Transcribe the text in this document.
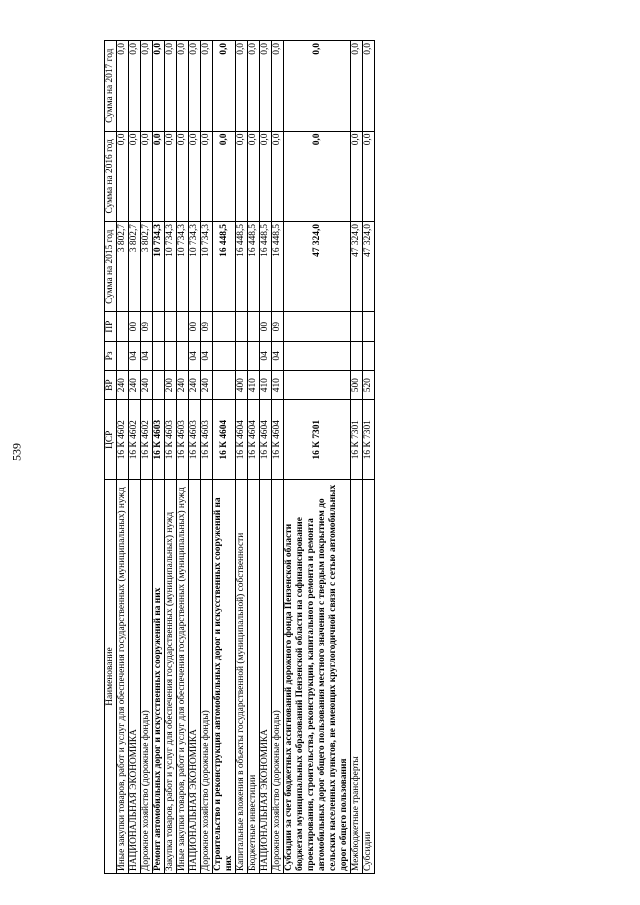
539
Наименование	ЦСР	ВР	Рз	ПР	Сумма на 2015 год	Сумма на 2016 год	Сумма на 2017 год
Иные закупки товаров, работ и услуг для обеспечения государственных (муниципальных) нужд	16 К 4602	240			3 802,7	0,0	0,0
НАЦИОНАЛЬНАЯ ЭКОНОМИКА	16 К 4602	240	04	00	3 802,7	0,0	0,0
Дорожное хозяйство (дорожные фонды)	16 К 4602	240	04	09	3 802,7	0,0	0,0
Ремонт автомобильных дорог и искусственных сооружений на них	16 К 4603				10 734,3	0,0	0,0
Закупка товаров, работ и услуг для обеспечения государственных (муниципальных) нужд	16 К 4603	200			10 734,3	0,0	0,0
Иные закупки товаров, работ и услуг для обеспечения государственных (муниципальных) нужд	16 К 4603	240			10 734,3	0,0	0,0
НАЦИОНАЛЬНАЯ ЭКОНОМИКА	16 К 4603	240	04	00	10 734,3	0,0	0,0
Дорожное хозяйство (дорожные фонды)	16 К 4603	240	04	09	10 734,3	0,0	0,0
Строительство и реконструкция автомобильных дорог и искусственных сооружений на них	16 К 4604				16 448,5	0,0	0,0
Капитальные вложения в объекты государственной (муниципальной) собственности	16 К 4604	400			16 448,5	0,0	0,0
Бюджетные инвестиции	16 К 4604	410			16 448,5	0,0	0,0
НАЦИОНАЛЬНАЯ ЭКОНОМИКА	16 К 4604	410	04	00	16 448,5	0,0	0,0
Дорожное хозяйство (дорожные фонды)	16 К 4604	410	04	09	16 448,5	0,0	0,0
Субсидии за счет бюджетных ассигнований дорожного фонда Пензенской области бюджетам муниципальных образований Пензенской области на софинансирование проектирования, строительства, реконструкции, капитального ремонта и ремонта автомобильных дорог общего пользования местного значения с твердым покрытием до сельских населенных пунктов, не имеющих круглогодичной связи с сетью автомобильных дорог общего пользования	16 К 7301				47 324,0	0,0	0,0
Межбюджетные трансферты	16 К 7301	500			47 324,0	0,0	0,0
Субсидии	16 К 7301	520			47 324,0	0,0	0,0
